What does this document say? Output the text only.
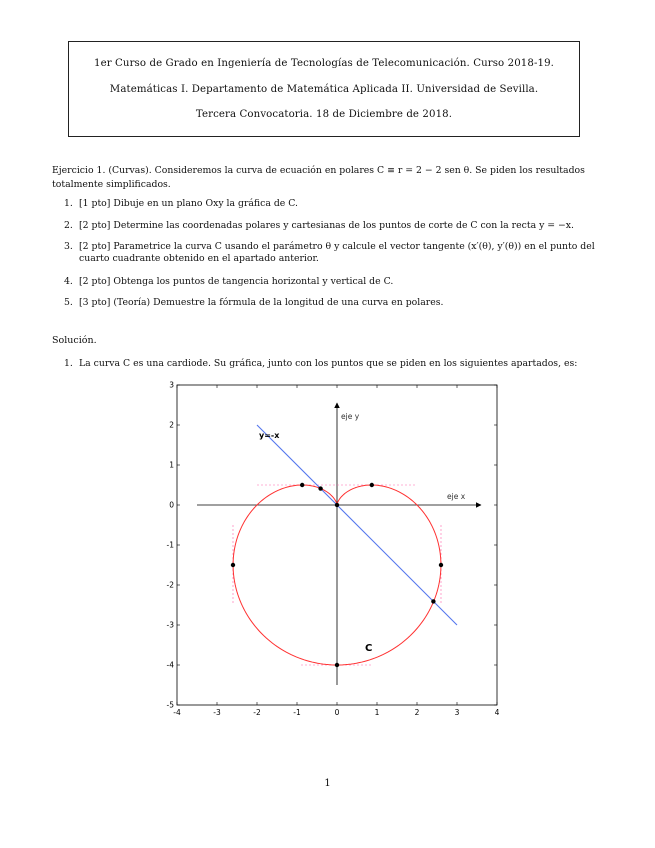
1er Curso de Grado en Ingeniería de Tecnologías de Telecomunicación. Curso 2018-19.
Matemáticas I. Departamento de Matemática Aplicada II. Universidad de Sevilla.
Tercera Convocatoria. 18 de Diciembre de 2018.
Ejercicio 1. (Curvas). Consideremos la curva de ecuación en polares C ≡ r = 2 − 2 sen θ. Se piden los resultados totalmente simplificados.
1. [1 pto] Dibuje en un plano Oxy la gráfica de C.
2. [2 pto] Determine las coordenadas polares y cartesianas de los puntos de corte de C con la recta y = −x.
3. [2 pto] Parametrice la curva C usando el parámetro θ y calcule el vector tangente (x′(θ), y′(θ)) en el punto del cuarto cuadrante obtenido en el apartado anterior.
4. [2 pto] Obtenga los puntos de tangencia horizontal y vertical de C.
5. [3 pto] (Teoría) Demuestre la fórmula de la longitud de una curva en polares.
Solución.
1. La curva C es una cardiode. Su gráfica, junto con los puntos que se piden en los siguientes apartados, es:
-4	-3	-2	-1	0	1	2	3	4
3
2
1
0
-1
-2
-3
-4
-5
eje x
eje y
y=-x
C
1
